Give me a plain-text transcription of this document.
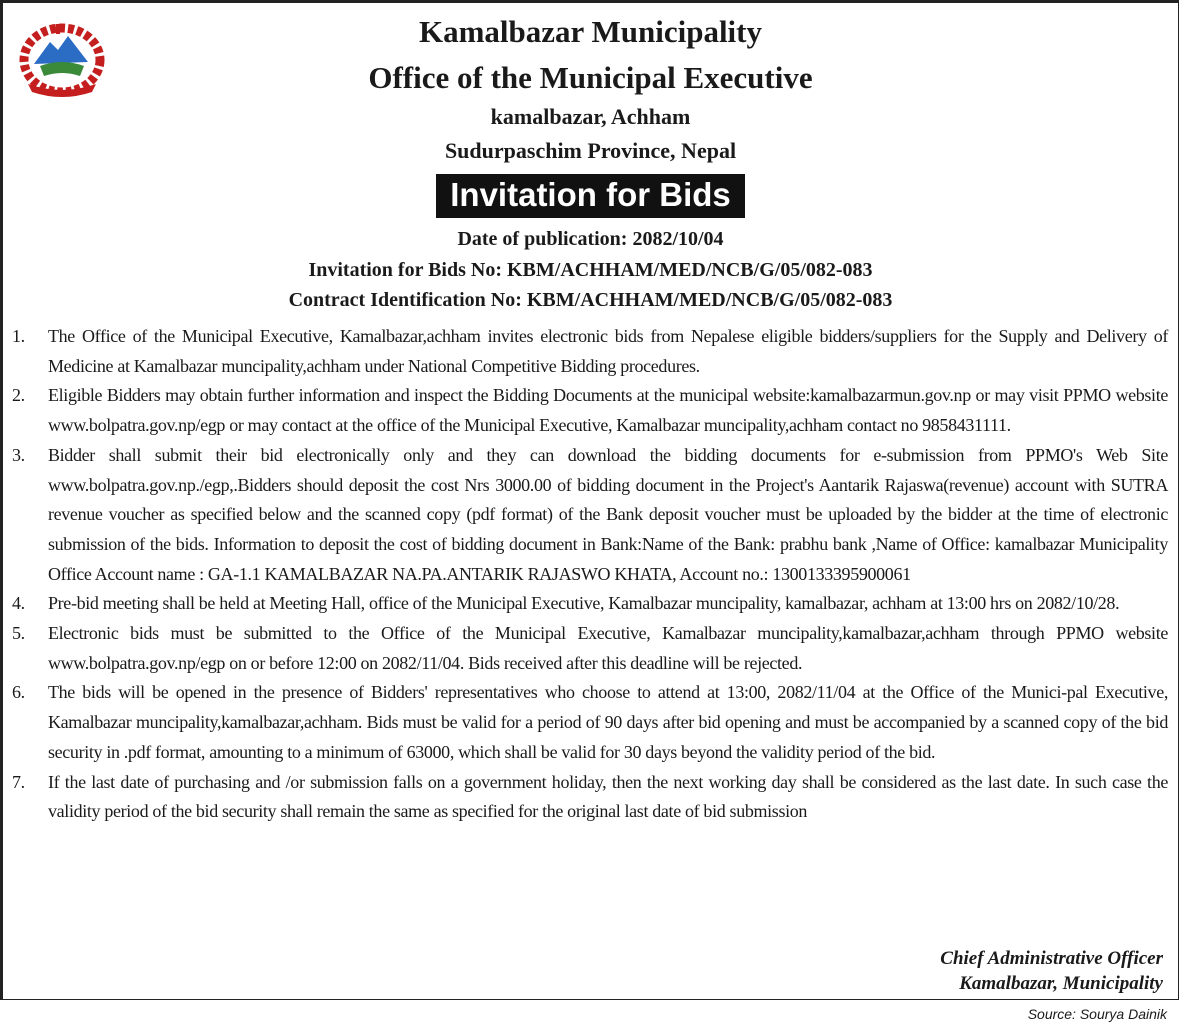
Kamalbazar Municipality
Office of the Municipal Executive
kamalbazar, Achham
Sudurpaschim Province, Nepal
Invitation for Bids
Date of publication: 2082/10/04
Invitation for Bids No: KBM/ACHHAM/MED/NCB/G/05/082-083
Contract Identification No: KBM/ACHHAM/MED/NCB/G/05/082-083
1.	The Office of the Municipal Executive, Kamalbazar,achham invites electronic bids from Nepalese eligible bidders/suppliers for the Supply and Delivery of Medicine at Kamalbazar muncipality,achham under National Competitive Bidding procedures.
2.	Eligible Bidders may obtain further information and inspect the Bidding Documents at the municipal website:kamalbazarmun.gov.np or may visit PPMO website www.bolpatra.gov.np/egp or may contact at the office of the Municipal Executive, Kamalbazar muncipality,achham contact no 9858431111.
3.	Bidder shall submit their bid electronically only and they can download the bidding documents for e-submission from PPMO's Web Site www.bolpatra.gov.np./egp,.Bidders should deposit the cost Nrs 3000.00 of bidding document in the Project's Aantarik Rajaswa(revenue) account with SUTRA revenue voucher as specified below and the scanned copy (pdf format) of the Bank deposit voucher must be uploaded by the bidder at the time of electronic submission of the bids. Information to deposit the cost of bidding document in Bank:Name of the Bank: prabhu bank ,Name of Office: kamalbazar Municipality Office Account name : GA-1.1 KAMALBAZAR NA.PA.ANTARIK RAJASWO KHATA, Account no.: 1300133395900061
4.	Pre-bid meeting shall be held at Meeting Hall, office of the Municipal Executive, Kamalbazar muncipality, kamalbazar, achham at 13:00 hrs on 2082/10/28.
5.	Electronic bids must be submitted to the Office of the Municipal Executive, Kamalbazar muncipality,kamalbazar,achham through PPMO website www.bolpatra.gov.np/egp on or before 12:00 on 2082/11/04. Bids received after this deadline will be rejected.
6.	The bids will be opened in the presence of Bidders' representatives who choose to attend at 13:00, 2082/11/04 at the Office of the Munici-pal Executive, Kamalbazar muncipality,kamalbazar,achham. Bids must be valid for a period of 90 days after bid opening and must be accompanied by a scanned copy of the bid security in .pdf format, amounting to a minimum of 63000, which shall be valid for 30 days beyond the validity period of the bid.
7.	If the last date of purchasing and /or submission falls on a government holiday, then the next working day shall be considered as the last date. In such case the validity period of the bid security shall remain the same as specified for the original last date of bid submission
Chief Administrative Officer
Kamalbazar, Municipality
Source: Sourya Dainik
